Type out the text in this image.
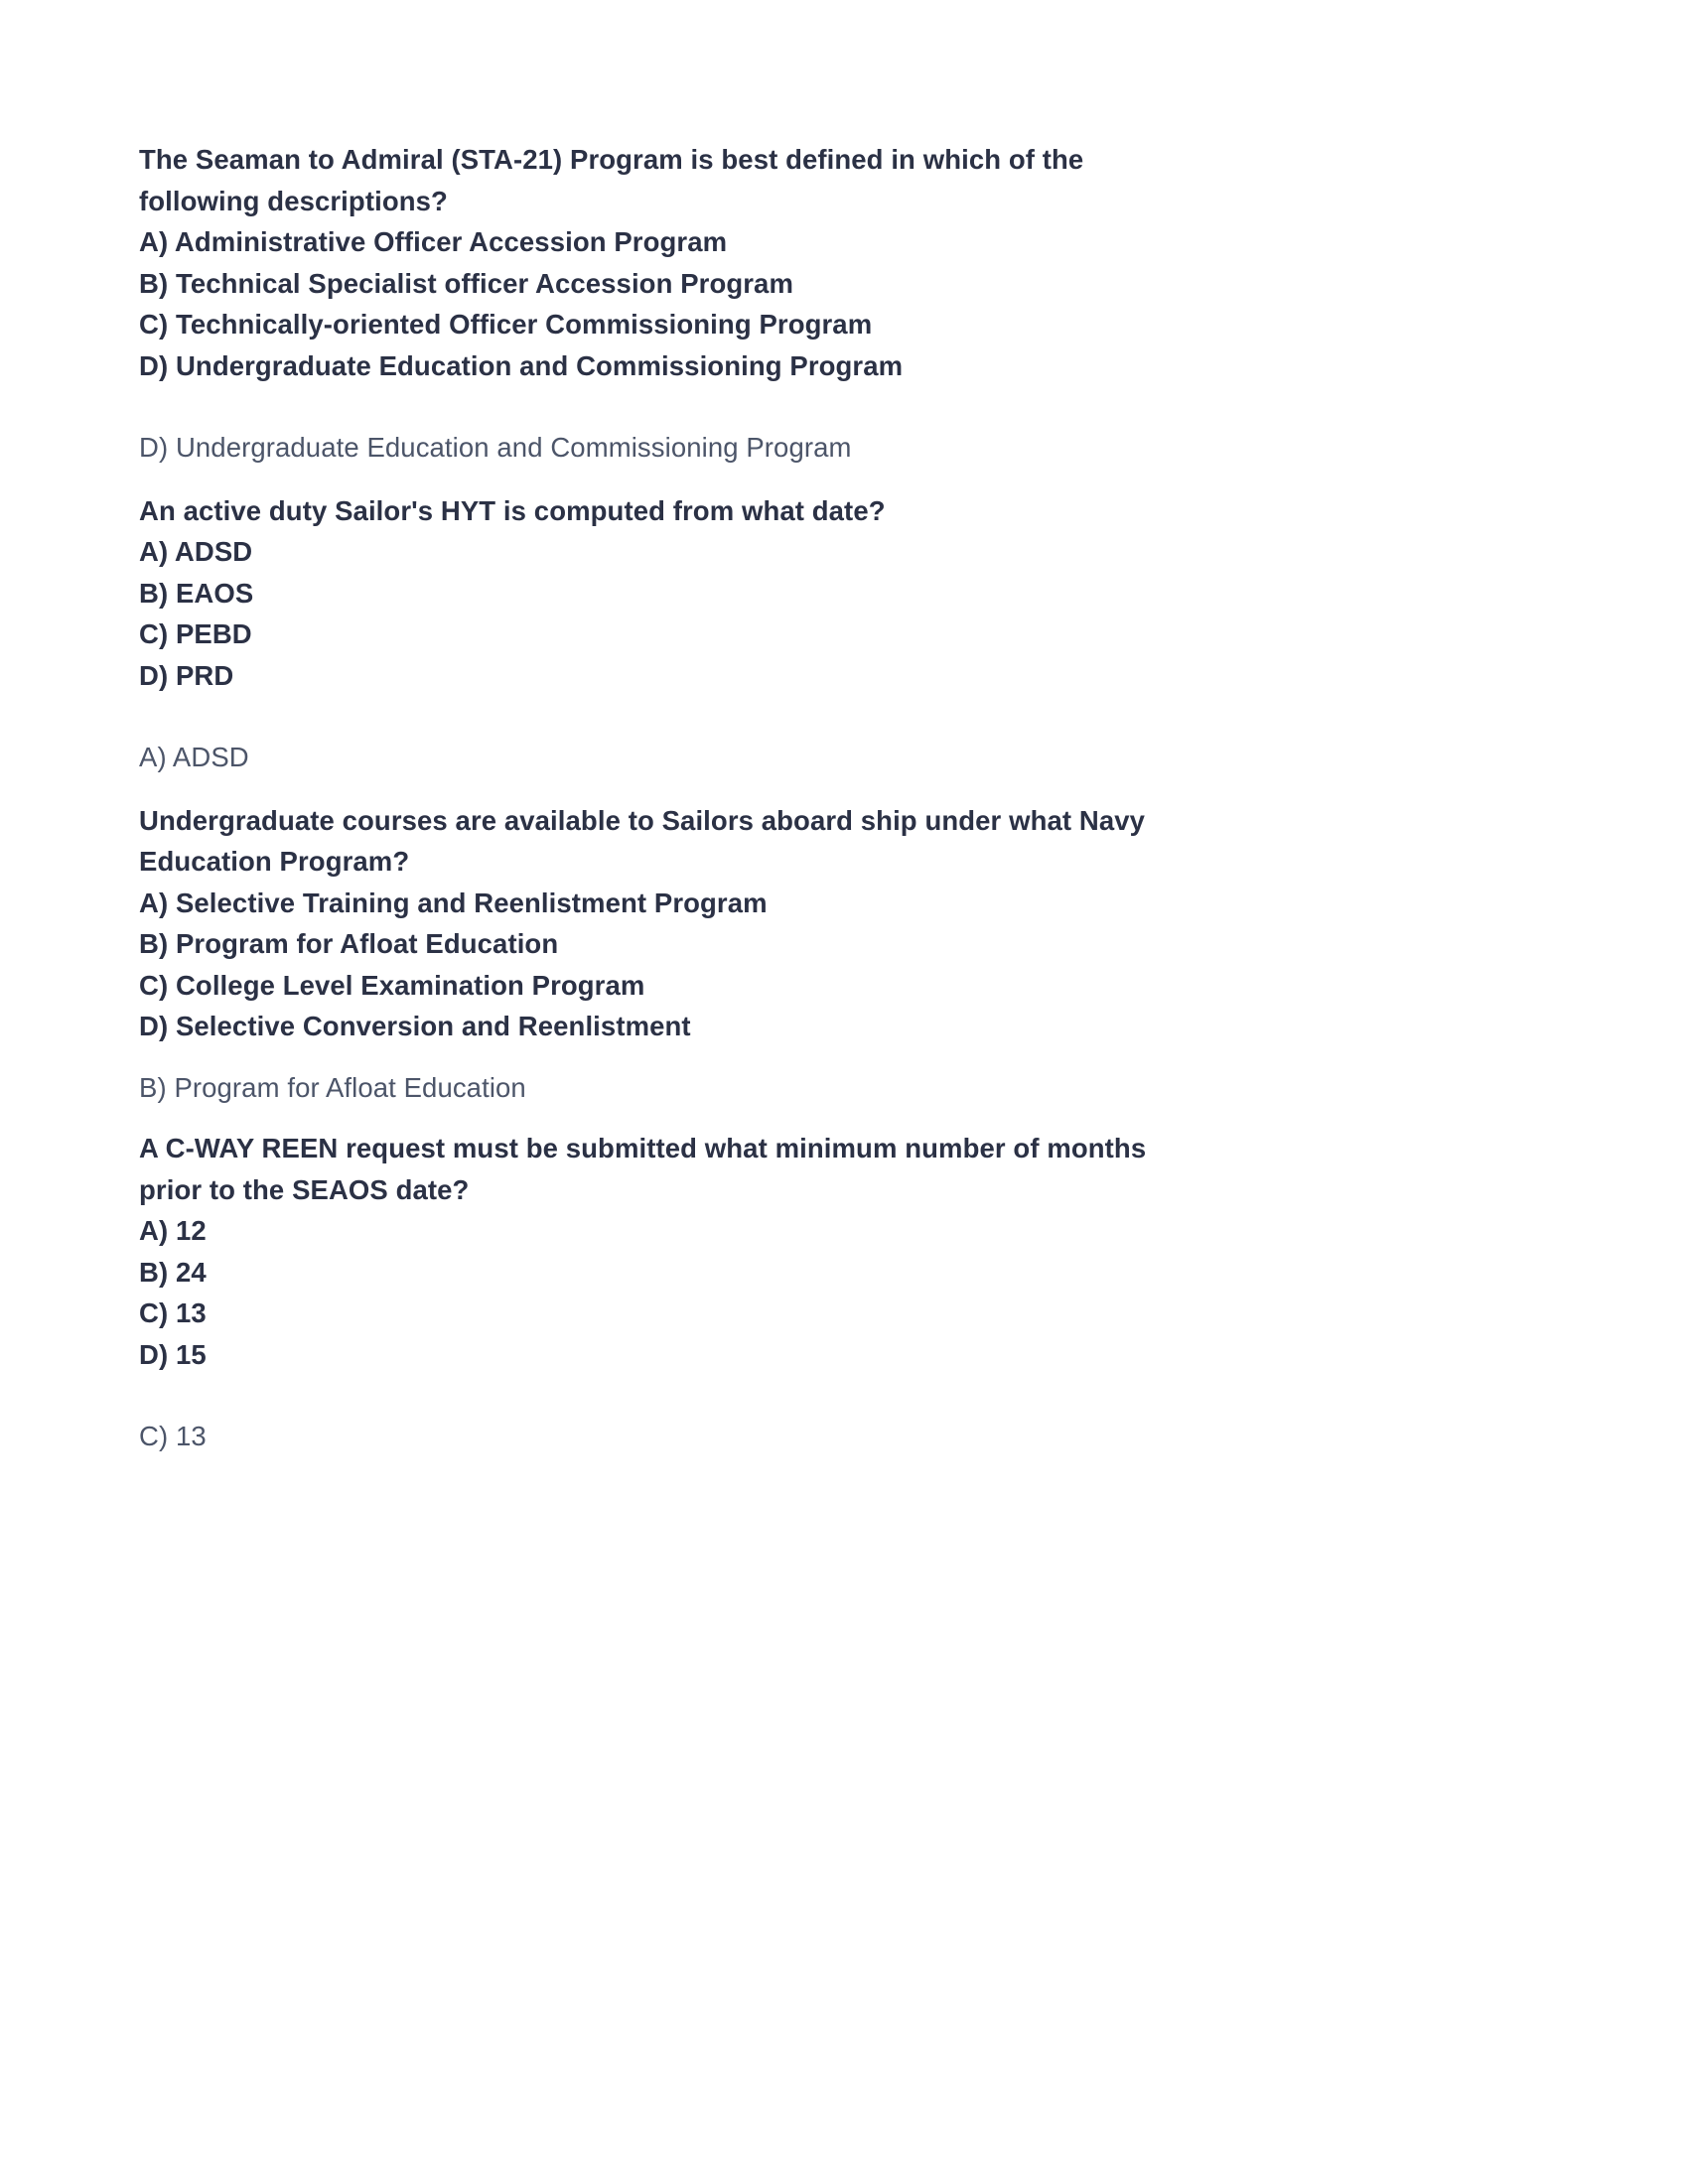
The Seaman to Admiral (STA-21) Program is best defined in which of the
following descriptions?
A) Administrative Officer Accession Program
B) Technical Specialist officer Accession Program
C) Technically-oriented Officer Commissioning Program
D) Undergraduate Education and Commissioning Program
D) Undergraduate Education and Commissioning Program
An active duty Sailor's HYT is computed from what date?
A) ADSD
B) EAOS
C) PEBD
D) PRD
A) ADSD
Undergraduate courses are available to Sailors aboard ship under what Navy
Education Program?
A) Selective Training and Reenlistment Program
B) Program for Afloat Education
C) College Level Examination Program
D) Selective Conversion and Reenlistment
B) Program for Afloat Education
A C-WAY REEN request must be submitted what minimum number of months
prior to the SEAOS date?
A) 12
B) 24
C) 13
D) 15
C) 13
